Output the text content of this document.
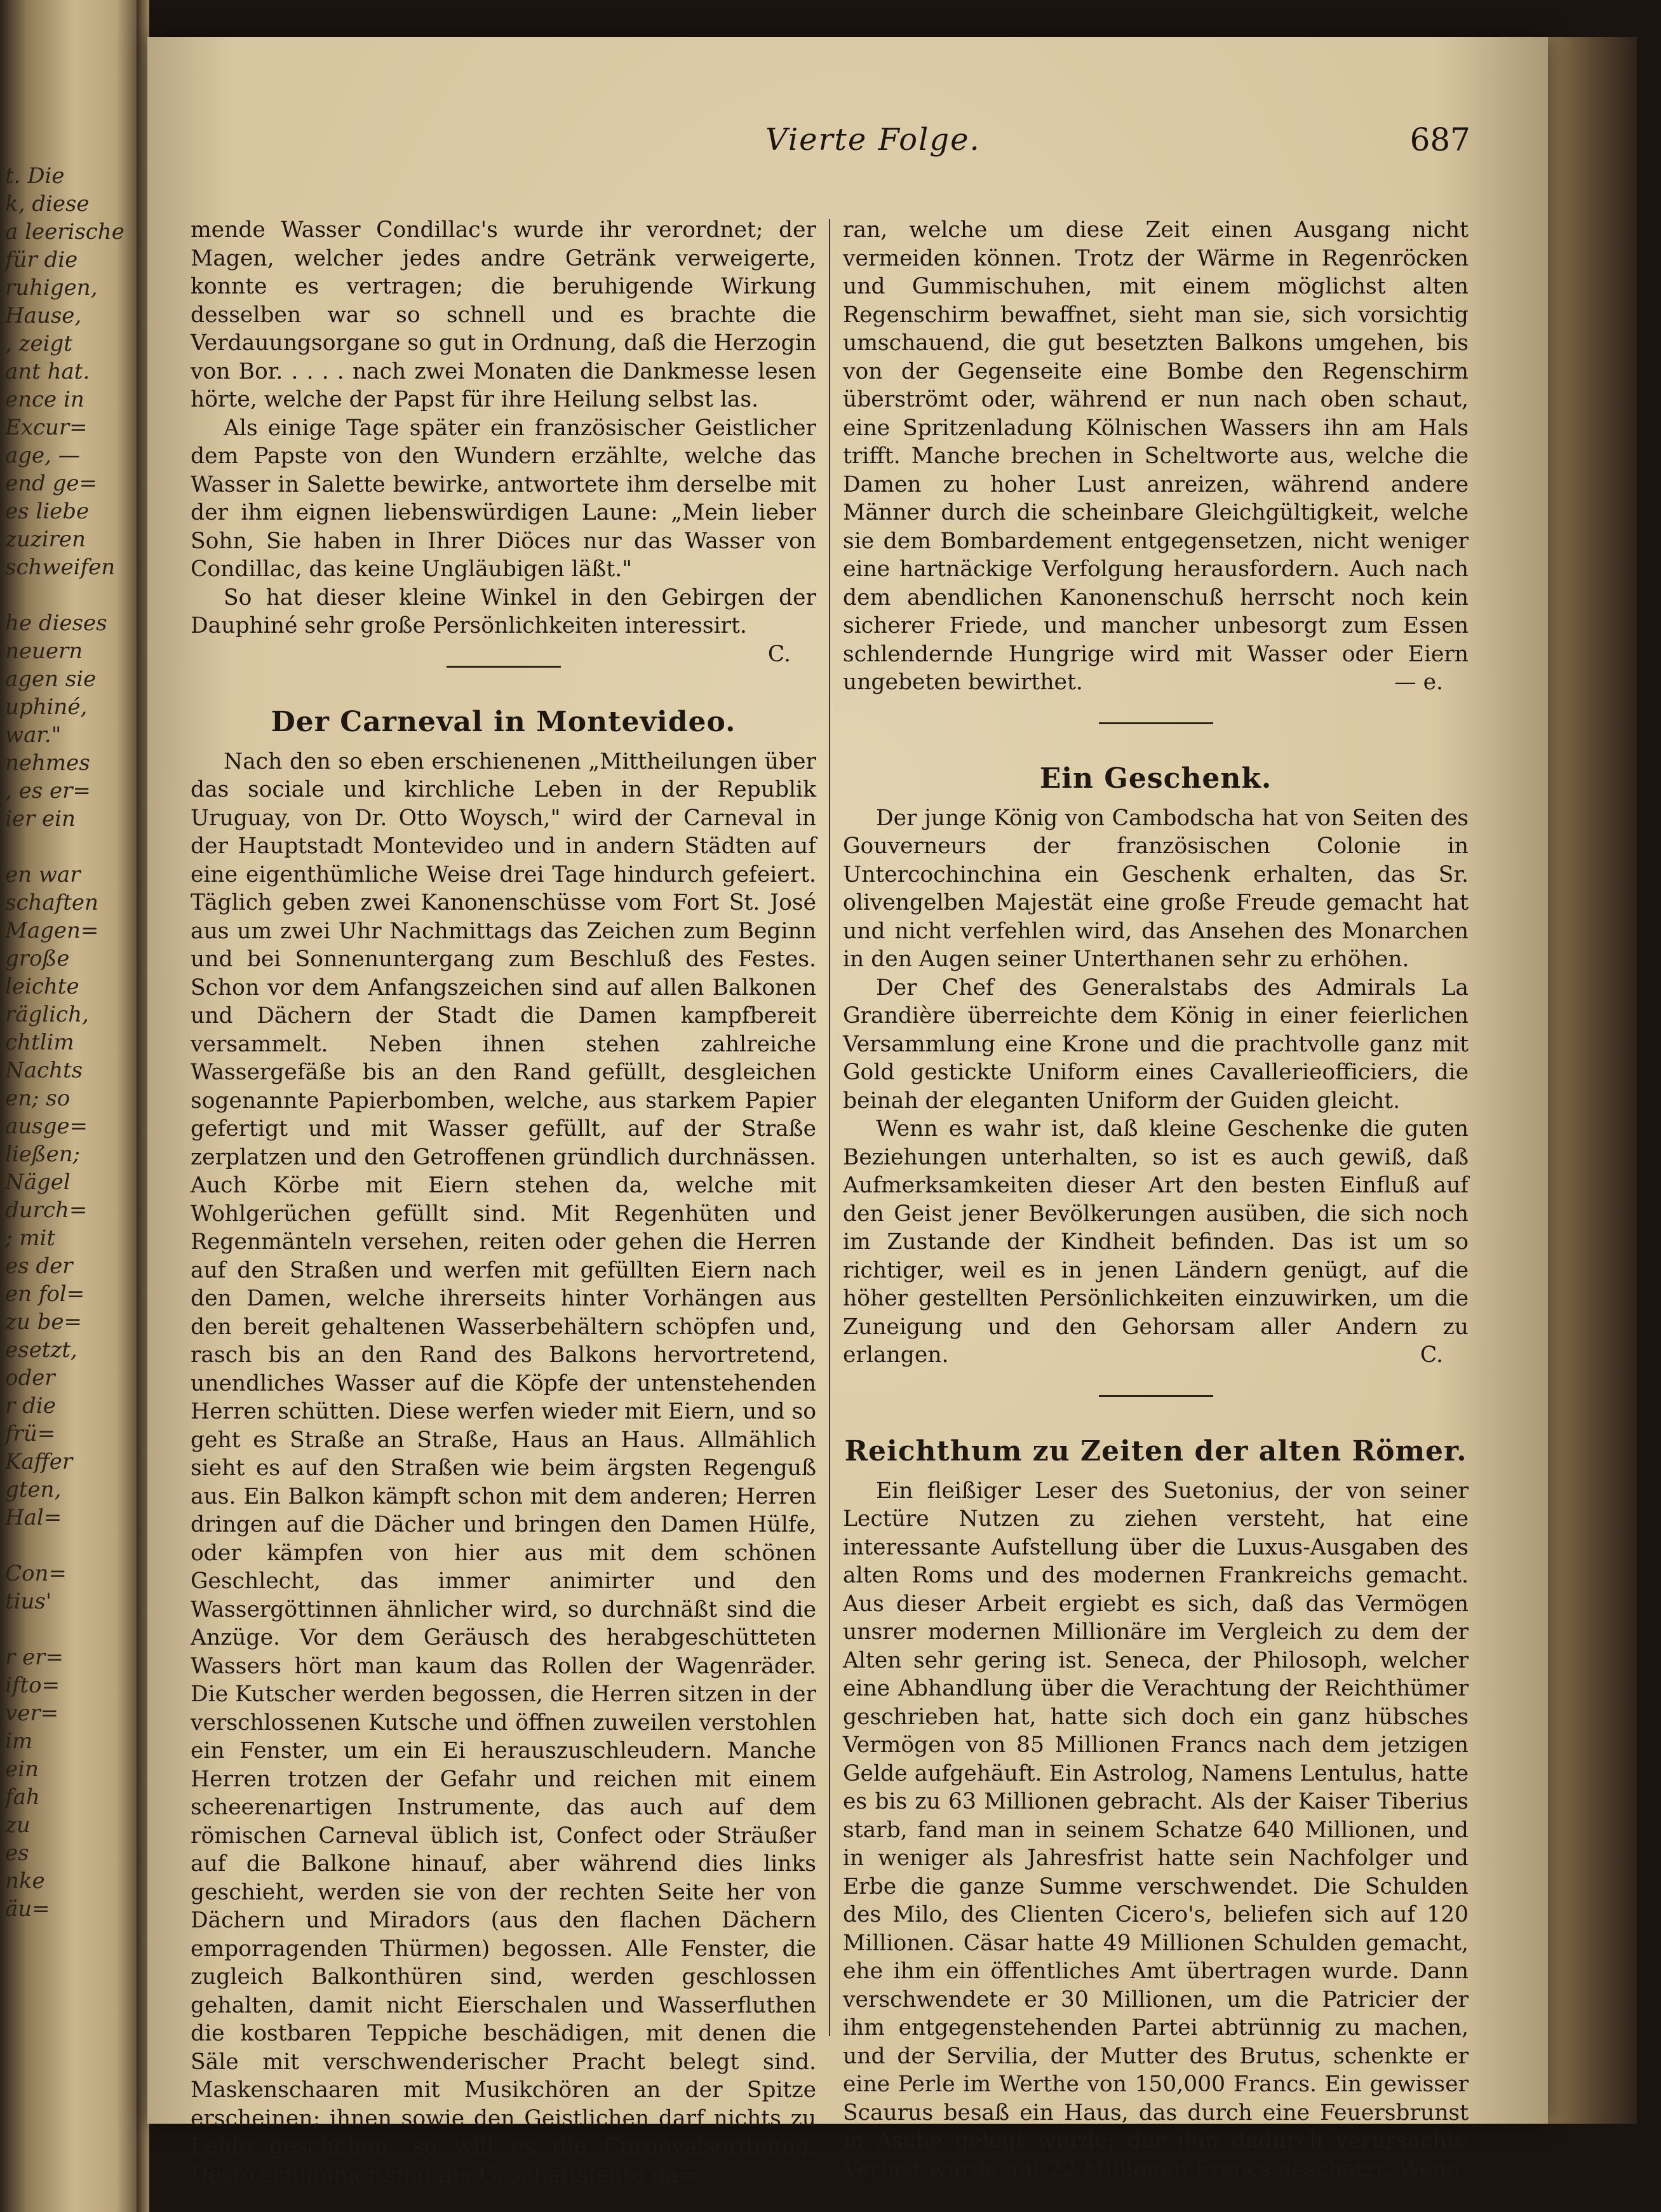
t. Die
k, diese
a leerische
für die
ruhigen,
Hause,
, zeigt
ant hat.
ence in
Excur=
age, —
end ge=
es liebe
zuziren
schweifen
he dieses
neuern
agen sie
uphiné,
war."
nehmes
, es er=
ier ein
en war
schaften
Magen=
große
leichte
räglich,
chtlim
Nachts
en; so
ausge=
ließen;
Nägel
durch=
; mit
es der
en fol=
zu be=
esetzt,
oder
r die
frü=
Kaffer
gten,
Hal=
Con=
tius'
r er=
ifto=
ver=
im
ein
fah
zu
es
nke
äu=
Vierte Folge.	687

mende Wasser Condillac's wurde ihr verordnet; der Magen, welcher jedes andre Getränk verweigerte, konnte es vertragen; die beruhigende Wirkung desselben war so schnell und es brachte die Verdauungsorgane so gut in Ordnung, daß die Herzogin von Bor. . . . . nach zwei Monaten die Dankmesse lesen hörte, welche der Papst für ihre Heilung selbst las.

Als einige Tage später ein französischer Geistlicher dem Papste von den Wundern erzählte, welche das Wasser in Salette bewirke, antwortete ihm derselbe mit der ihm eignen liebenswürdigen Laune: „Mein lieber Sohn, Sie haben in Ihrer Diöces nur das Wasser von Condillac, das keine Ungläubigen läßt."

So hat dieser kleine Winkel in den Gebirgen der Dauphiné sehr große Persönlichkeiten interessirt.
C.

Der Carneval in Montevideo.

Nach den so eben erschienenen „Mittheilungen über das sociale und kirchliche Leben in der Republik Uruguay, von Dr. Otto Woysch," wird der Carneval in der Hauptstadt Montevideo und in andern Städten auf eine eigenthümliche Weise drei Tage hindurch gefeiert. Täglich geben zwei Kanonenschüsse vom Fort St. José aus um zwei Uhr Nachmittags das Zeichen zum Beginn und bei Sonnenuntergang zum Beschluß des Festes. Schon vor dem Anfangszeichen sind auf allen Balkonen und Dächern der Stadt die Damen kampfbereit versammelt. Neben ihnen stehen zahlreiche Wassergefäße bis an den Rand gefüllt, desgleichen sogenannte Papierbomben, welche, aus starkem Papier gefertigt und mit Wasser gefüllt, auf der Straße zerplatzen und den Getroffenen gründlich durchnässen. Auch Körbe mit Eiern stehen da, welche mit Wohlgerüchen gefüllt sind. Mit Regenhüten und Regenmänteln versehen, reiten oder gehen die Herren auf den Straßen und werfen mit gefüllten Eiern nach den Damen, welche ihrerseits hinter Vorhängen aus den bereit gehaltenen Wasserbehältern schöpfen und, rasch bis an den Rand des Balkons hervortretend, unendliches Wasser auf die Köpfe der untenstehenden Herren schütten. Diese werfen wieder mit Eiern, und so geht es Straße an Straße, Haus an Haus. Allmählich sieht es auf den Straßen wie beim ärgsten Regenguß aus. Ein Balkon kämpft schon mit dem anderen; Herren dringen auf die Dächer und bringen den Damen Hülfe, oder kämpfen von hier aus mit dem schönen Geschlecht, das immer animirter und den Wassergöttinnen ähnlicher wird, so durchnäßt sind die Anzüge. Vor dem Geräusch des herabgeschütteten Wassers hört man kaum das Rollen der Wagenräder. Die Kutscher werden begossen, die Herren sitzen in der verschlossenen Kutsche und öffnen zuweilen verstohlen ein Fenster, um ein Ei herauszuschleudern. Manche Herren trotzen der Gefahr und reichen mit einem scheerenartigen Instrumente, das auch auf dem römischen Carneval üblich ist, Confect oder Sträußer auf die Balkone hinauf, aber während dies links geschieht, werden sie von der rechten Seite her von Dächern und Miradors (aus den flachen Dächern emporragenden Thürmen) begossen. Alle Fenster, die zugleich Balkonthüren sind, werden geschlossen gehalten, damit nicht Eierschalen und Wasserfluthen die kostbaren Teppiche beschädigen, mit denen die Säle mit verschwenderischer Pracht belegt sind. Maskenschaaren mit Musikchören an der Spitze erscheinen; ihnen sowie den Geistlichen darf nichts zu Leide geschehen, so will es die Carnevalsordnung. Desto schlimmer sind die Geschäftsleute da=

ran, welche um diese Zeit einen Ausgang nicht vermeiden können. Trotz der Wärme in Regenröcken und Gummischuhen, mit einem möglichst alten Regenschirm bewaffnet, sieht man sie, sich vorsichtig umschauend, die gut besetzten Balkons umgehen, bis von der Gegenseite eine Bombe den Regenschirm überströmt oder, während er nun nach oben schaut, eine Spritzenladung Kölnischen Wassers ihn am Hals trifft. Manche brechen in Scheltworte aus, welche die Damen zu hoher Lust anreizen, während andere Männer durch die scheinbare Gleichgültigkeit, welche sie dem Bombardement entgegensetzen, nicht weniger eine hartnäckige Verfolgung herausfordern. Auch nach dem abendlichen Kanonenschuß herrscht noch kein sicherer Friede, und mancher unbesorgt zum Essen schlendernde Hungrige wird mit Wasser oder Eiern ungebeten bewirthet.	— e.

Ein Geschenk.

Der junge König von Cambodscha hat von Seiten des Gouverneurs der französischen Colonie in Untercochinchina ein Geschenk erhalten, das Sr. olivengelben Majestät eine große Freude gemacht hat und nicht verfehlen wird, das Ansehen des Monarchen in den Augen seiner Unterthanen sehr zu erhöhen.

Der Chef des Generalstabs des Admirals La Grandière überreichte dem König in einer feierlichen Versammlung eine Krone und die prachtvolle ganz mit Gold gestickte Uniform eines Cavallerieofficiers, die beinah der eleganten Uniform der Guiden gleicht.

Wenn es wahr ist, daß kleine Geschenke die guten Beziehungen unterhalten, so ist es auch gewiß, daß Aufmerksamkeiten dieser Art den besten Einfluß auf den Geist jener Bevölkerungen ausüben, die sich noch im Zustande der Kindheit befinden. Das ist um so richtiger, weil es in jenen Ländern genügt, auf die höher gestellten Persönlichkeiten einzuwirken, um die Zuneigung und den Gehorsam aller Andern zu erlangen.	C.

Reichthum zu Zeiten der alten Römer.

Ein fleißiger Leser des Suetonius, der von seiner Lectüre Nutzen zu ziehen versteht, hat eine interessante Aufstellung über die Luxus-Ausgaben des alten Roms und des modernen Frankreichs gemacht. Aus dieser Arbeit ergiebt es sich, daß das Vermögen unsrer modernen Millionäre im Vergleich zu dem der Alten sehr gering ist. Seneca, der Philosoph, welcher eine Abhandlung über die Verachtung der Reichthümer geschrieben hat, hatte sich doch ein ganz hübsches Vermögen von 85 Millionen Francs nach dem jetzigen Gelde aufgehäuft. Ein Astrolog, Namens Lentulus, hatte es bis zu 63 Millionen gebracht. Als der Kaiser Tiberius starb, fand man in seinem Schatze 640 Millionen, und in weniger als Jahresfrist hatte sein Nachfolger und Erbe die ganze Summe verschwendet. Die Schulden des Milo, des Clienten Cicero's, beliefen sich auf 120 Millionen. Cäsar hatte 49 Millionen Schulden gemacht, ehe ihm ein öffentliches Amt übertragen wurde. Dann verschwendete er 30 Millionen, um die Patricier der ihm entgegenstehenden Partei abtrünnig zu machen, und der Servilia, der Mutter des Brutus, schenkte er eine Perle im Werthe von 150,000 Francs. Ein gewisser Scaurus besaß ein Haus, das durch eine Feuersbrunst in Asche gelegt wurde; der ihm dadurch verursachte Verlust wurde auf 22 Millionen Francs geschätzt. Wenn
